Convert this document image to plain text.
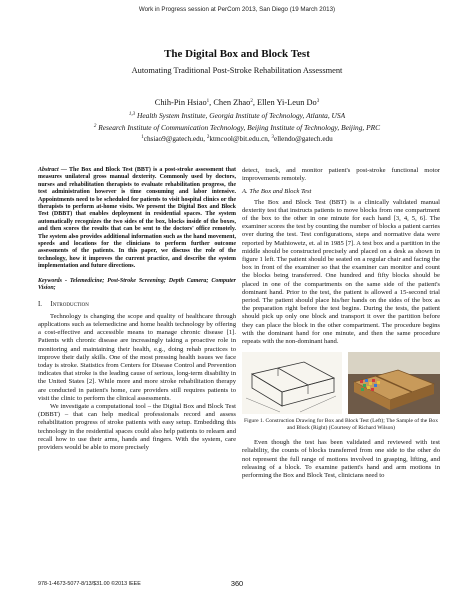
Work in Progress session at PerCom 2013, San Diego (19 March 2013)
The Digital Box and Block Test
Automating Traditional Post-Stroke Rehabilitation Assessment
Chih-Pin Hsiao$^1$, Chen Zhao$^2$, Ellen Yi-Leun Do$^3$
$^{1,3}$ Health System Institute, Georgia Institute of Technology, Atlanta, USA
$^2$ Research Institute of Communication Technology, Beijing Institute of Technology, Beijing, PRC
$^1$chsiao9@gatech.edu, $^2$ktmcool@bit.edu.cn, $^3$ellendo@gatech.edu
Abstract — The Box and Block Test (BBT) is a post-stroke assessment that measures unilateral gross manual dexterity. Commonly used by doctors, nurses and rehabilitation therapists to evaluate rehabilitation progress, the test administration however is time consuming and labor intensive. Appointments need to be scheduled for patients to visit hospital clinics or the therapists to perform at-home visits. We present the Digital Box and Block Test (DBBT) that enables deployment in residential spaces. The system automatically recognizes the two sides of the box, blocks inside of the boxes, and then scores the results that can be sent to the doctors' office remotely. The system also provides additional information such as the hand movement, speeds and locations for the clinicians to perform further outcome assessments of the patients. In this paper, we discuss the role of the technology, how it improves the current practice, and describe the system implementation and future directions.
Keywords - Telemedicine; Post-Stroke Screening; Depth Camera; Computer Vision;
I. Introduction

Technology is changing the scope and quality of healthcare through applications such as telemedicine and home health technology by offering a cost-effective and accessible means to manage chronic disease [1]. Patients with chronic disease are increasingly taking a proactive role in monitoring and maintaining their health, e.g., doing rehab practices to improve their daily skills. One of the most pressing health issues we face today is stroke. Statistics from Centers for Disease Control and Prevention indicates that stroke is the leading cause of serious, long-term disability in the United States [2]. While more and more stroke rehabilitation therapy are conducted in patient's home, care providers still requires patients to visit the clinic to perform the clinical assessments.

We investigate a computational tool – the Digital Box and Block Test (DBBT) – that can help medical professionals record and assess rehabilitation progress of stroke patients with easy setup. Embedding this technology in the residential spaces could also help patients to relearn and recall how to use their arms, hands and fingers. With the system, care providers would be able to more precisely

detect, track, and monitor patient's post-stroke functional motor improvements remotely.

A. The Box and Block Test

The Box and Block Test (BBT) is a clinically validated manual dexterity test that instructs patients to move blocks from one compartment of the box to the other in one minute for each hand [3, 4, 5, 6]. The examiner scores the test by counting the number of blocks a patient carries over during the test. Test configurations, steps and normative data were reported by Mathiowetz, et. al in 1985 [7]. A test box and a partition in the middle should be constructed precisely and placed on a desk as shown in figure 1 left. The patient should be seated on a regular chair and facing the box in front of the examiner so that the examiner can monitor and count the blocks being transferred. One hundred and fifty blocks should be placed in one of the compartments on the same side of the patient's dominant hand. Prior to the test, the patient is allowed a 15-second trial period. The patient should place his/her hands on the sides of the box as the preparation right before the test begins. During the tests, the patient should pick up only one block and transport it over the partition before they can place the block in the other compartment. The procedure begins with the dominant hand for one minute, and then the same procedure repeats with the non-dominant hand.

Figure 1. Construction Drawing for Box and Block Test (Left); The Sample of the Box and Block (Right) (Courtesy of Richard Wilson)

Even though the test has been validated and reviewed with test reliability, the counts of blocks transferred from one side to the other do not represent the full range of motions involved in grasping, lifting, and releasing of a block. To examine patient's hand and arm motions in performing the Box and Block Test, clinicians need to

978-1-4673-5077-8/13/$31.00 ©2013 IEEE	360
